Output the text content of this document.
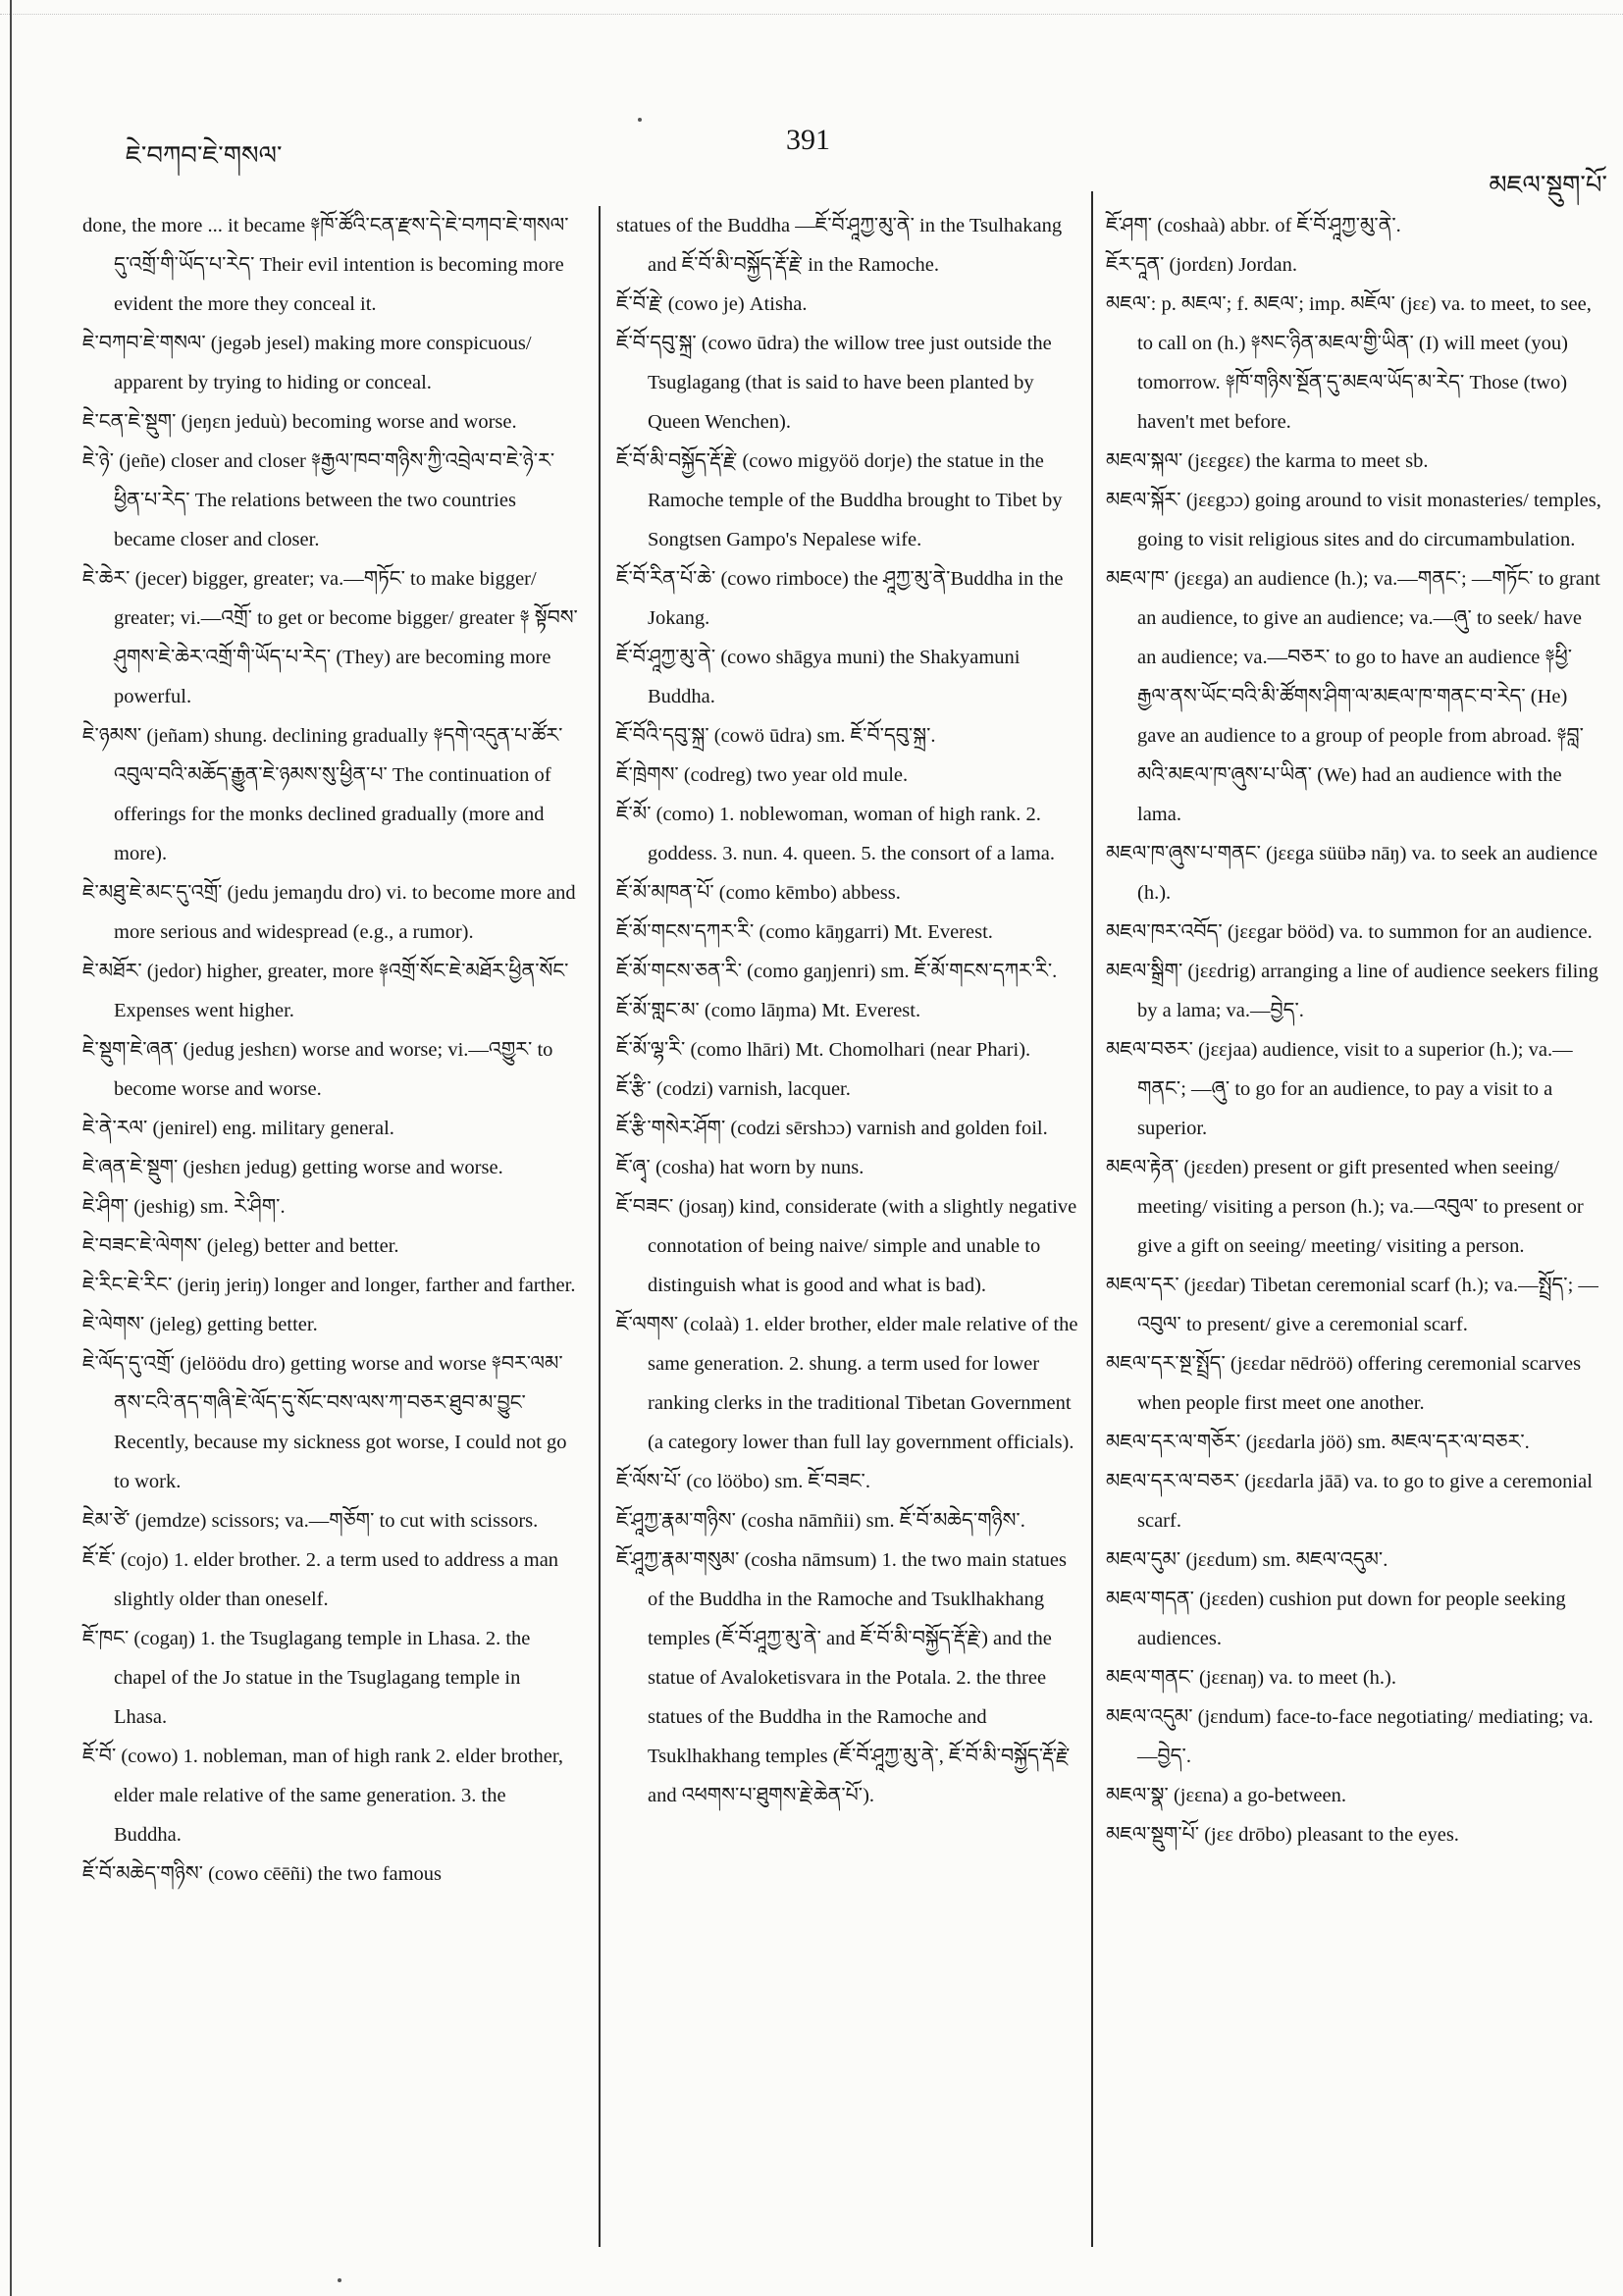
ཇེ་བཀབ་ཇེ་གསལ་	391
མཇལ་སྡུག་པོ་

done, the more ... it became ༈ཁོ་ཚོའི་ངན་རྫས་དེ་ཇེ་བཀབ་ཇེ་གསལ་དུ་འགྲོ་གི་ཡོད་པ་རེད་ Their evil intention is becoming more evident the more they conceal it.

ཇེ་བཀབ་ཇེ་གསལ་ (jegəb jesel) making more conspicuous/ apparent by trying to hiding or conceal.

ཇེ་ངན་ཇེ་སྡུག་ (jeŋɛn jeduù) becoming worse and worse.

ཇེ་ཉེ་ (jeñe) closer and closer ༈རྒྱལ་ཁབ་གཉིས་ཀྱི་འབྲེལ་བ་ཇེ་ཉེ་ར་ཕྱིན་པ་རེད་ The relations between the two countries became closer and closer.

ཇེ་ཆེར་ (jecer) bigger, greater; va.—གཏོང་ to make bigger/ greater; vi.—འགྲོ་ to get or become bigger/ greater ༈ སྟོབས་ཤུགས་ཇེ་ཆེར་འགྲོ་གི་ཡོད་པ་རེད་ (They) are becoming more powerful.

ཇེ་ཉམས་ (jeñam) shung. declining gradually ༈དགེ་འདུན་པ་ཚོར་འབུལ་བའི་མཆོད་རྒྱུན་ཇེ་ཉམས་སུ་ཕྱིན་པ་ The continuation of offerings for the monks declined gradually (more and more).

ཇེ་མཐུ་ཇེ་མང་དུ་འགྲོ་ (jedu jemaŋdu dro) vi. to become more and more serious and widespread (e.g., a rumor).

ཇེ་མཐོར་ (jedor) higher, greater, more ༈འགྲོ་སོང་ཇེ་མཐོར་ཕྱིན་སོང་ Expenses went higher.

ཇེ་སྡུག་ཇེ་ཞན་ (jedug jeshɛn) worse and worse; vi.—འགྱུར་ to become worse and worse.

ཇེ་ནེ་རལ་ (jenirel) eng. military general.

ཇེ་ཞན་ཇེ་སྡུག་ (jeshɛn jedug) getting worse and worse.

ཇེ་ཤིག་ (jeshig) sm. རེ་ཤིག་.

ཇེ་བཟང་ཇེ་ལེགས་ (jeleg) better and better.

ཇེ་རིང་ཇེ་རིང་ (jeriŋ jeriŋ) longer and longer, farther and farther.

ཇེ་ལེགས་ (jeleg) getting better.

ཇེ་ལོད་དུ་འགྲོ་ (jelöödu dro) getting worse and worse ༈བར་ལམ་ནས་ངའི་ནད་གཞི་ཇེ་ལོད་དུ་སོང་བས་ལས་ཀ་བཅར་ཐུབ་མ་བྱུང་ Recently, because my sickness got worse, I could not go to work.

ཇེམ་ཙེ་ (jemdze) scissors; va.—གཅོག་ to cut with scissors.

ཇོ་ཇོ་ (cojo) 1. elder brother. 2. a term used to address a man slightly older than oneself.

ཇོ་ཁང་ (cogaŋ) 1. the Tsuglagang temple in Lhasa. 2. the chapel of the Jo statue in the Tsuglagang temple in Lhasa.

ཇོ་བོ་ (cowo) 1. nobleman, man of high rank 2. elder brother, elder male relative of the same generation. 3. the Buddha.

ཇོ་བོ་མཆེད་གཉིས་ (cowo cēēñi) the two famous

statues of the Buddha —ཇོ་བོ་ཤཱཀྱ་མུ་ནེ་ in the Tsulhakang and ཇོ་བོ་མི་བསྐྱོད་རྡོ་རྗེ་ in the Ramoche.

ཇོ་བོ་རྗེ་ (cowo je) Atisha.

ཇོ་བོ་དབུ་སྐྲ་ (cowo ūdra) the willow tree just outside the Tsuglagang (that is said to have been planted by Queen Wenchen).

ཇོ་བོ་མི་བསྐྱོད་རྡོ་རྗེ་ (cowo migyöö dorje) the statue in the Ramoche temple of the Buddha brought to Tibet by Songtsen Gampo's Nepalese wife.

ཇོ་བོ་རིན་པོ་ཆེ་ (cowo rimboce) the ཤཱཀྱ་མུ་ནེ་Buddha in the Jokang.

ཇོ་བོ་ཤཱཀྱ་མུ་ནེ་ (cowo shāgya muni) the Shakyamuni Buddha.

ཇོ་བོའི་དབུ་སྐྲ་ (cowö ūdra) sm. ཇོ་བོ་དབུ་སྐྲ་.

ཇོ་ཁྲེགས་ (codreg) two year old mule.

ཇོ་མོ་ (como) 1. noblewoman, woman of high rank. 2. goddess. 3. nun. 4. queen. 5. the consort of a lama.

ཇོ་མོ་མཁན་པོ་ (como kēmbo) abbess.

ཇོ་མོ་གངས་དཀར་རི་ (como kāŋgarri) Mt. Everest.

ཇོ་མོ་གངས་ཅན་རི་ (como gaŋjenri) sm. ཇོ་མོ་གངས་དཀར་རི་.

ཇོ་མོ་གླང་མ་ (como lāŋma) Mt. Everest.

ཇོ་མོ་ལྷ་རི་ (como lhāri) Mt. Chomolhari (near Phari).

ཇོ་རྩི་ (codzi) varnish, lacquer.

ཇོ་རྩི་གསེར་ཤོག་ (codzi sērshɔɔ) varnish and golden foil.

ཇོ་ཞྭ་ (cosha) hat worn by nuns.

ཇོ་བཟང་ (josaŋ) kind, considerate (with a slightly negative connotation of being naive/ simple and unable to distinguish what is good and what is bad).

ཇོ་ལགས་ (colaà) 1. elder brother, elder male relative of the same generation. 2. shung. a term used for lower ranking clerks in the traditional Tibetan Government (a category lower than full lay government officials).

ཇོ་ལོས་པོ་ (co lööbo) sm. ཇོ་བཟང་.

ཇོ་ཤཱཀྱ་རྣམ་གཉིས་ (cosha nāmñii) sm. ཇོ་བོ་མཆེད་གཉིས་.

ཇོ་ཤཱཀྱ་རྣམ་གསུམ་ (cosha nāmsum) 1. the two main statues of the Buddha in the Ramoche and Tsuklhakhang temples (ཇོ་བོ་ཤཱཀྱ་མུ་ནེ་ and ཇོ་བོ་མི་བསྐྱོད་རྡོ་རྗེ་) and the statue of Avaloketisvara in the Potala. 2. the three statues of the Buddha in the Ramoche and Tsuklhakhang temples (ཇོ་བོ་ཤཱཀྱ་མུ་ནེ་, ཇོ་བོ་མི་བསྐྱོད་རྡོ་རྗེ་ and འཕགས་པ་ཐུགས་རྗེ་ཆེན་པོ་).

ཇོ་ཤག་ (coshaà) abbr. of ཇོ་བོ་ཤཱཀྱ་མུ་ནེ་.

ཇོར་དཱན་ (jordɛn) Jordan.

མཇལ་: p. མཇལ་; f. མཇལ་; imp. མཇོལ་ (jɛɛ) va. to meet, to see, to call on (h.) ༈སང་ཉིན་མཇལ་གྱི་ཡིན་ (I) will meet (you) tomorrow. ༈ཁོ་གཉིས་སྔོན་དུ་མཇལ་ཡོད་མ་རེད་ Those (two) haven't met before.

མཇལ་སྐལ་ (jɛɛgɛɛ) the karma to meet sb.

མཇལ་སྐོར་ (jɛɛgɔɔ) going around to visit monasteries/ temples, going to visit religious sites and do circumambulation.

མཇལ་ཁ་ (jɛɛga) an audience (h.); va.—གནང་; —གཏོང་ to grant an audience, to give an audience; va.—ཞུ་ to seek/ have an audience; va.—བཅར་ to go to have an audience ༈ཕྱི་རྒྱལ་ནས་ཡོང་བའི་མི་ཚོགས་ཤིག་ལ་མཇལ་ཁ་གནང་བ་རེད་ (He) gave an audience to a group of people from abroad. ༈བླ་མའི་མཇལ་ཁ་ཞུས་པ་ཡིན་ (We) had an audience with the lama.

མཇལ་ཁ་ཞུས་པ་གནང་ (jɛɛga süübə nāŋ) va. to seek an audience (h.).

མཇལ་ཁར་འབོད་ (jɛɛgar bööd) va. to summon for an audience.

མཇལ་སྒྲིག་ (jɛɛdrig) arranging a line of audience seekers filing by a lama; va.—བྱེད་.

མཇལ་བཅར་ (jɛɛjaa) audience, visit to a superior (h.); va.—གནང་; —ཞུ་ to go for an audience, to pay a visit to a superior.

མཇལ་རྟེན་ (jɛɛden) present or gift presented when seeing/ meeting/ visiting a person (h.); va.—འབུལ་ to present or give a gift on seeing/ meeting/ visiting a person.

མཇལ་དར་ (jɛɛdar) Tibetan ceremonial scarf (h.); va.—སྤྲོད་; —འབུལ་ to present/ give a ceremonial scarf.

མཇལ་དར་སྔ་སྤྲོད་ (jɛɛdar nēdröö) offering ceremonial scarves when people first meet one another.

མཇལ་དར་ལ་གཅོར་ (jɛɛdarla jöö) sm. མཇལ་དར་ལ་བཅར་.

མཇལ་དར་ལ་བཅར་ (jɛɛdarla jāā) va. to go to give a ceremonial scarf.

མཇལ་དུམ་ (jɛɛdum) sm. མཇལ་འདུམ་.

མཇལ་གདན་ (jɛɛden) cushion put down for people seeking audiences.

མཇལ་གནང་ (jɛɛnaŋ) va. to meet (h.).

མཇལ་འདུམ་ (jɛndum) face-to-face negotiating/ mediating; va.—བྱེད་.

མཇལ་སྣ་ (jɛɛna) a go-between.

མཇལ་སྡུག་པོ་ (jɛɛ drōbo) pleasant to the eyes.
